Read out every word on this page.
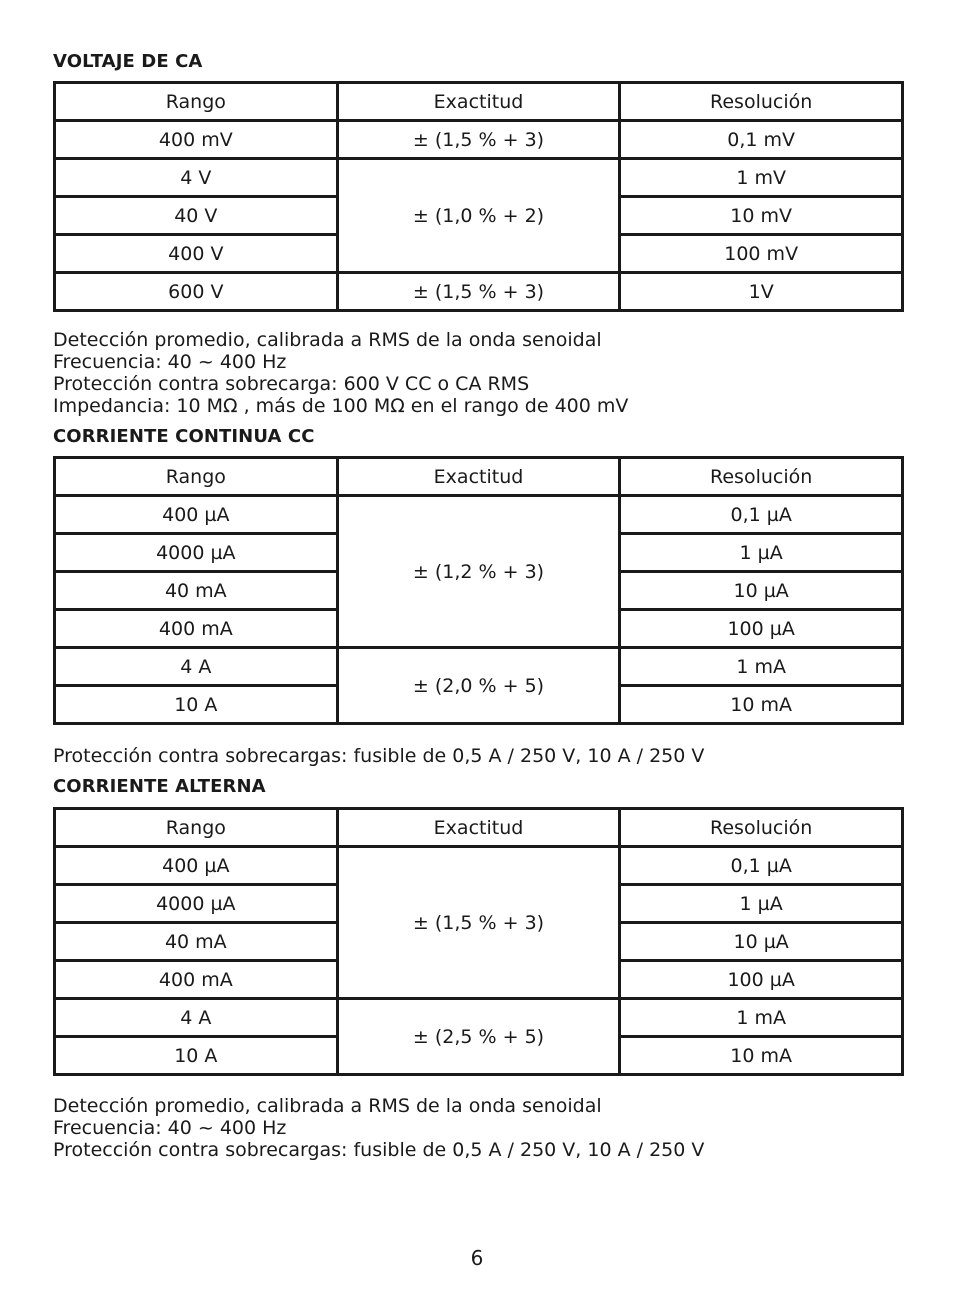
VOLTAJE DE CA
Rango	Exactitud	Resolución
400 mV	± (1,5 % + 3)	0,1 mV
4 V	± (1,0 % + 2)	1 mV
40 V		10 mV
400 V		100 mV
600 V	± (1,5 % + 3)	1V
Detección promedio, calibrada a RMS de la onda senoidal
Frecuencia: 40 ~ 400 Hz
Protección contra sobrecarga: 600 V CC o CA RMS
Impedancia: 10 MΩ , más de 100 MΩ en el rango de 400 mV
CORRIENTE CONTINUA CC
Rango	Exactitud	Resolución
400 µA	± (1,2 % + 3)	0,1 µA
4000 µA		1 µA
40 mA		10 µA
400 mA		100 µA
4 A	± (2,0 % + 5)	1 mA
10 A		10 mA
Protección contra sobrecargas: fusible de 0,5 A / 250 V, 10 A / 250 V
CORRIENTE ALTERNA
Rango	Exactitud	Resolución
400 µA	± (1,5 % + 3)	0,1 µA
4000 µA		1 µA
40 mA		10 µA
400 mA		100 µA
4 A	± (2,5 % + 5)	1 mA
10 A		10 mA
Detección promedio, calibrada a RMS de la onda senoidal
Frecuencia: 40 ~ 400 Hz
Protección contra sobrecargas: fusible de 0,5 A / 250 V, 10 A / 250 V
6
